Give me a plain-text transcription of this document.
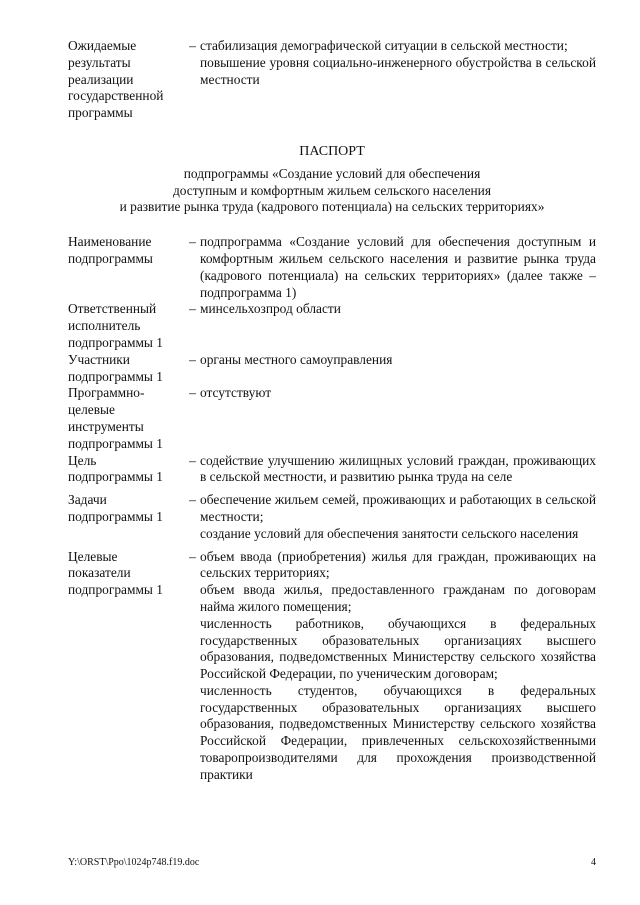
Ожидаемые
результаты
реализации
государственной
программы
– стабилизация демографической ситуации в сельской местности;

повышение уровня социально-инженерного обустройства в сельской местности

ПАСПОРТ
подпрограммы «Создание условий для обеспечения
доступным и комфортным жильем сельского населения
и развитие рынка труда (кадрового потенциала) на сельских территориях»
Наименование
подпрограммы
– подпрограмма «Создание условий для обеспечения доступным и комфортным жильем сельского населения и развитие рынка труда (кадрового потенциала) на сельских территориях» (далее также – подпрограмма 1)

Ответственный
исполнитель
подпрограммы 1
– минсельхозпрод области

Участники
подпрограммы 1
– органы местного самоуправления

Программно-
целевые
инструменты
подпрограммы 1
– отсутствуют

Цель
подпрограммы 1
– содействие улучшению жилищных условий граждан, проживающих в сельской местности, и развитию рынка труда на селе

Задачи
подпрограммы 1
– обеспечение жильем семей, проживающих и работающих в сельской местности;

создание условий для обеспечения занятости сельского населения

Целевые
показатели
подпрограммы 1
– объем ввода (приобретения) жилья для граждан, проживающих на сельских территориях;

объем ввода жилья, предоставленного гражданам по договорам найма жилого помещения;

численность работников, обучающихся в федеральных государственных образовательных организациях высшего образования, подведомственных Министерству сельского хозяйства Российской Федерации, по ученическим договорам;

численность студентов, обучающихся в федеральных государственных образовательных организациях высшего образования, подведомственных Министерству сельского хозяйства Российской Федерации, привлеченных сельскохозяйственными товаропроизводителями для прохождения производственной практики

Y:\ORST\Ppo\1024p748.f19.doc	4
